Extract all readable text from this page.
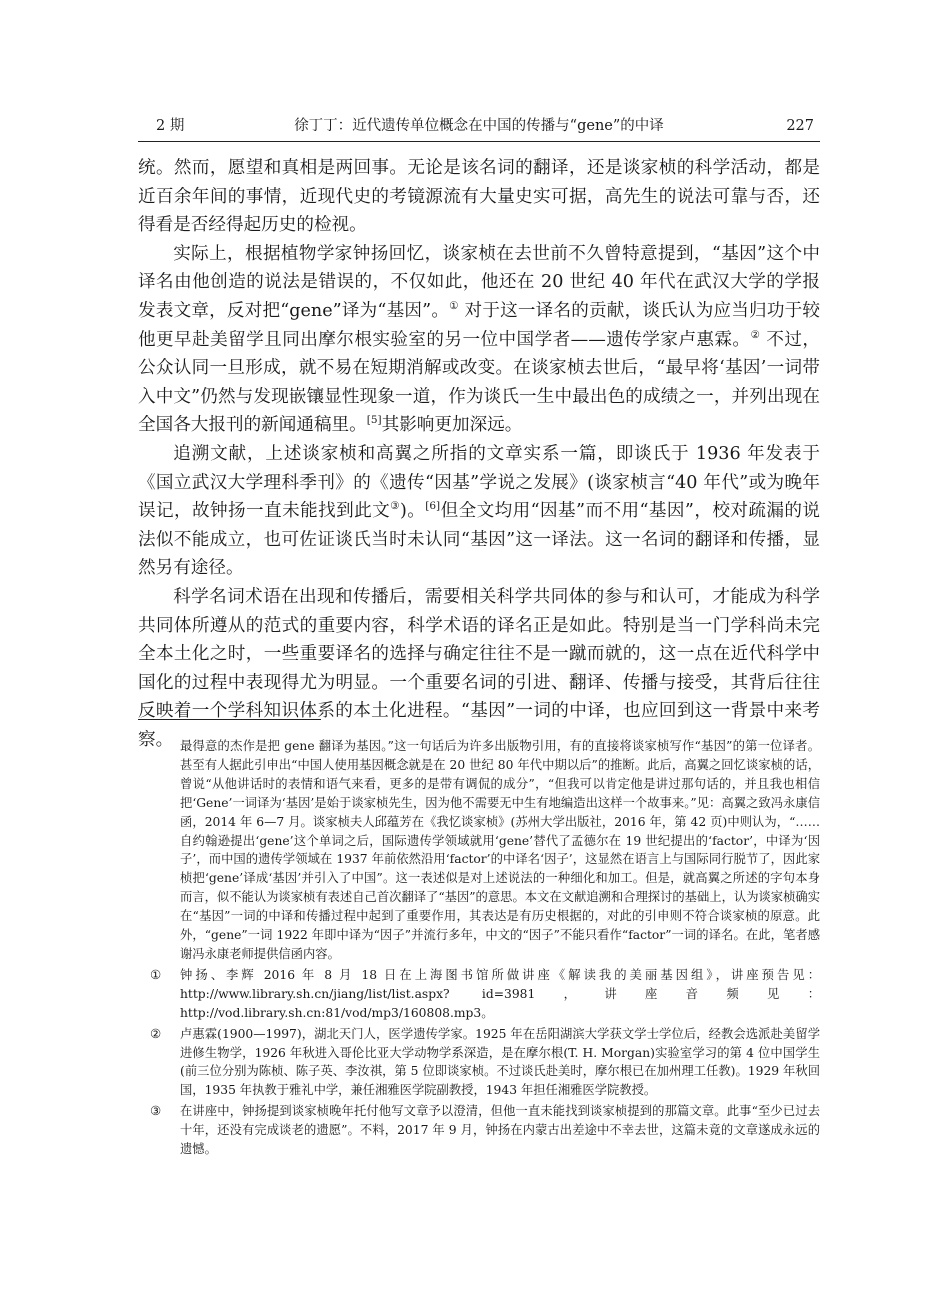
2 期	徐丁丁：近代遗传单位概念在中国的传播与“gene”的中译	227

统。然而，愿望和真相是两回事。无论是该名词的翻译，还是谈家桢的科学活动，都是近百余年间的事情，近现代史的考镜源流有大量史实可据，高先生的说法可靠与否，还得看是否经得起历史的检视。

实际上，根据植物学家钟扬回忆，谈家桢在去世前不久曾特意提到，“基因”这个中译名由他创造的说法是错误的，不仅如此，他还在 20 世纪 40 年代在武汉大学的学报发表文章，反对把“gene”译为“基因”。① 对于这一译名的贡献，谈氏认为应当归功于较他更早赴美留学且同出摩尔根实验室的另一位中国学者——遗传学家卢惠霖。② 不过，公众认同一旦形成，就不易在短期消解或改变。在谈家桢去世后，“最早将‘基因’一词带入中文”仍然与发现嵌镶显性现象一道，作为谈氏一生中最出色的成绩之一，并列出现在全国各大报刊的新闻通稿里。[5]其影响更加深远。

追溯文献，上述谈家桢和高翼之所指的文章实系一篇，即谈氏于 1936 年发表于《国立武汉大学理科季刊》的《遗传“因基”学说之发展》(谈家桢言“40 年代”或为晚年误记，故钟扬一直未能找到此文③)。[6]但全文均用“因基”而不用“基因”，校对疏漏的说法似不能成立，也可佐证谈氏当时未认同“基因”这一译法。这一名词的翻译和传播，显然另有途径。

科学名词术语在出现和传播后，需要相关科学共同体的参与和认可，才能成为科学共同体所遵从的范式的重要内容，科学术语的译名正是如此。特别是当一门学科尚未完全本土化之时，一些重要译名的选择与确定往往不是一蹴而就的，这一点在近代科学中国化的过程中表现得尤为明显。一个重要名词的引进、翻译、传播与接受，其背后往往反映着一个学科知识体系的本土化进程。“基因”一词的中译，也应回到这一背景中来考察。 最得意的杰作是把 gene 翻译为基因。”这一句话后为许多出版物引用，有的直接将谈家桢写作“基因”的第一位译者。甚至有人据此引申出“中国人使用基因概念就是在 20 世纪 80 年代中期以后”的推断。此后，高翼之回忆谈家桢的话，曾说“从他讲话时的表情和语气来看，更多的是带有调侃的成分”，“但我可以肯定他是讲过那句话的，并且我也相信把‘Gene’一词译为‘基因’是始于谈家桢先生，因为他不需要无中生有地编造出这样一个故事来。”见：高翼之致冯永康信函，2014 年 6—7 月。谈家桢夫人邱蕴芳在《我忆谈家桢》(苏州大学出版社，2016 年，第 42 页)中则认为，“……自约翰逊提出‘gene’这个单词之后，国际遗传学领域就用‘gene’替代了孟德尔在 19 世纪提出的‘factor’，中译为‘因子’，而中国的遗传学领域在 1937 年前依然沿用‘factor’的中译名‘因子’，这显然在语言上与国际同行脱节了，因此家桢把‘gene’译成‘基因’并引入了中国”。这一表述似是对上述说法的一种细化和加工。但是，就高翼之所述的字句本身而言，似不能认为谈家桢有表述自己首次翻译了“基因”的意思。本文在文献追溯和合理探讨的基础上，认为谈家桢确实在“基因”一词的中译和传播过程中起到了重要作用，其表达是有历史根据的，对此的引申则不符合谈家桢的原意。此外，“gene”一词 1922 年即中译为“因子”并流行多年，中文的“因子”不能只看作“factor”一词的译名。在此，笔者感谢冯永康老师提供信函内容。

① 钟扬、李辉 2016 年 8 月 18 日在上海图书馆所做讲座《解读我的美丽基因组》，讲座预告见：http://www.library.sh.cn/jiang/list/list.aspx? id=3981，讲座音频见：http://vod.library.sh.cn:81/vod/mp3/160808.mp3。

② 卢惠霖(1900—1997)，湖北天门人，医学遗传学家。1925 年在岳阳湖滨大学获文学士学位后，经教会选派赴美留学进修生物学，1926 年秋进入哥伦比亚大学动物学系深造，是在摩尔根(T. H. Morgan)实验室学习的第 4 位中国学生(前三位分别为陈桢、陈子英、李汝祺，第 5 位即谈家桢。不过谈氏赴美时，摩尔根已在加州理工任教)。1929 年秋回国，1935 年执教于雅礼中学，兼任湘雅医学院副教授，1943 年担任湘雅医学院教授。

③ 在讲座中，钟扬提到谈家桢晚年托付他写文章予以澄清，但他一直未能找到谈家桢提到的那篇文章。此事“至少已过去十年，还没有完成谈老的遗愿”。不料，2017 年 9 月，钟扬在内蒙古出差途中不幸去世，这篇未竟的文章遂成永远的遗憾。
